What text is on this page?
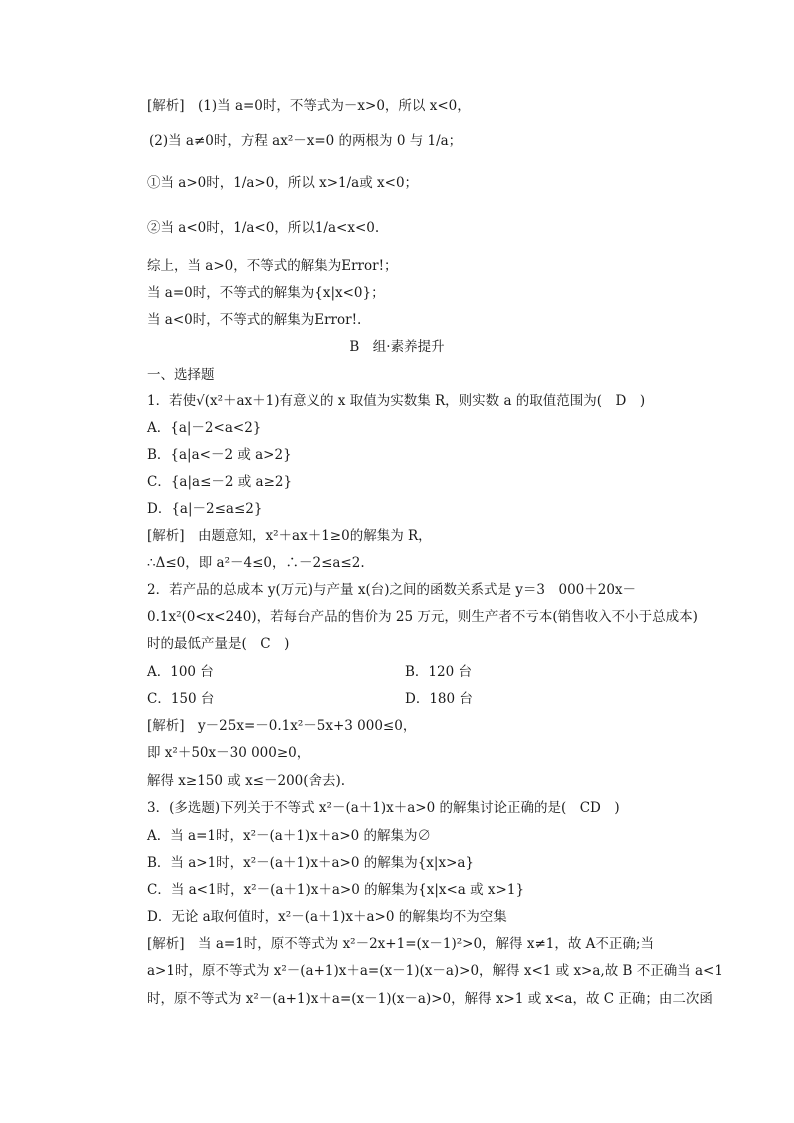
[解析]　(1)当 a=0时，不等式为－x>0，所以 x<0，
(2)当 a≠0时，方程 ax²－x=0 的两根为 0 与 1/a；
①当 a>0时，1/a>0，所以 x>1/a或 x<0；
②当 a<0时，1/a<0，所以1/a<x<0.
综上，当 a>0，不等式的解集为Error!；
当 a=0时，不等式的解集为{x|x<0}；
当 a<0时，不等式的解集为Error!.
B　组·素养提升
一、选择题
1．若使√(x²＋ax＋1)有意义的 x 取值为实数集 R，则实数 a 的取值范围为(　D　)
A．{a|－2<a<2}
B．{a|a<－2 或 a>2}
C．{a|a≤－2 或 a≥2}
D．{a|－2≤a≤2}
[解析]　由题意知，x²＋ax＋1≥0的解集为 R，
∴Δ≤0，即 a²－4≤0，∴－2≤a≤2.
2．若产品的总成本 y(万元)与产量 x(台)之间的函数关系式是 y＝3　000＋20x－
0.1x²(0<x<240)，若每台产品的售价为 25 万元，则生产者不亏本(销售收入不小于总成本)
时的最低产量是(　C　)
A．100 台	B．120 台
C．150 台	D．180 台
[解析]　y－25x=－0.1x²－5x+3 000≤0，
即 x²＋50x－30 000≥0，
解得 x≥150 或 x≤－200(舍去).
3．(多选题)下列关于不等式 x²－(a＋1)x＋a>0 的解集讨论正确的是(　CD　)
A．当 a=1时，x²－(a＋1)x＋a>0 的解集为∅
B．当 a>1时，x²－(a＋1)x＋a>0 的解集为{x|x>a}
C．当 a<1时，x²－(a＋1)x＋a>0 的解集为{x|x<a 或 x>1}
D．无论 a取何值时，x²－(a＋1)x＋a>0 的解集均不为空集
[解析]　当 a=1时，原不等式为 x²－2x+1=(x－1)²>0，解得 x≠1，故 A不正确;当
a>1时，原不等式为 x²－(a+1)x＋a=(x－1)(x－a)>0，解得 x<1 或 x>a,故 B 不正确当 a<1
时，原不等式为 x²－(a+1)x＋a=(x－1)(x－a)>0，解得 x>1 或 x<a，故 C 正确；由二次函
